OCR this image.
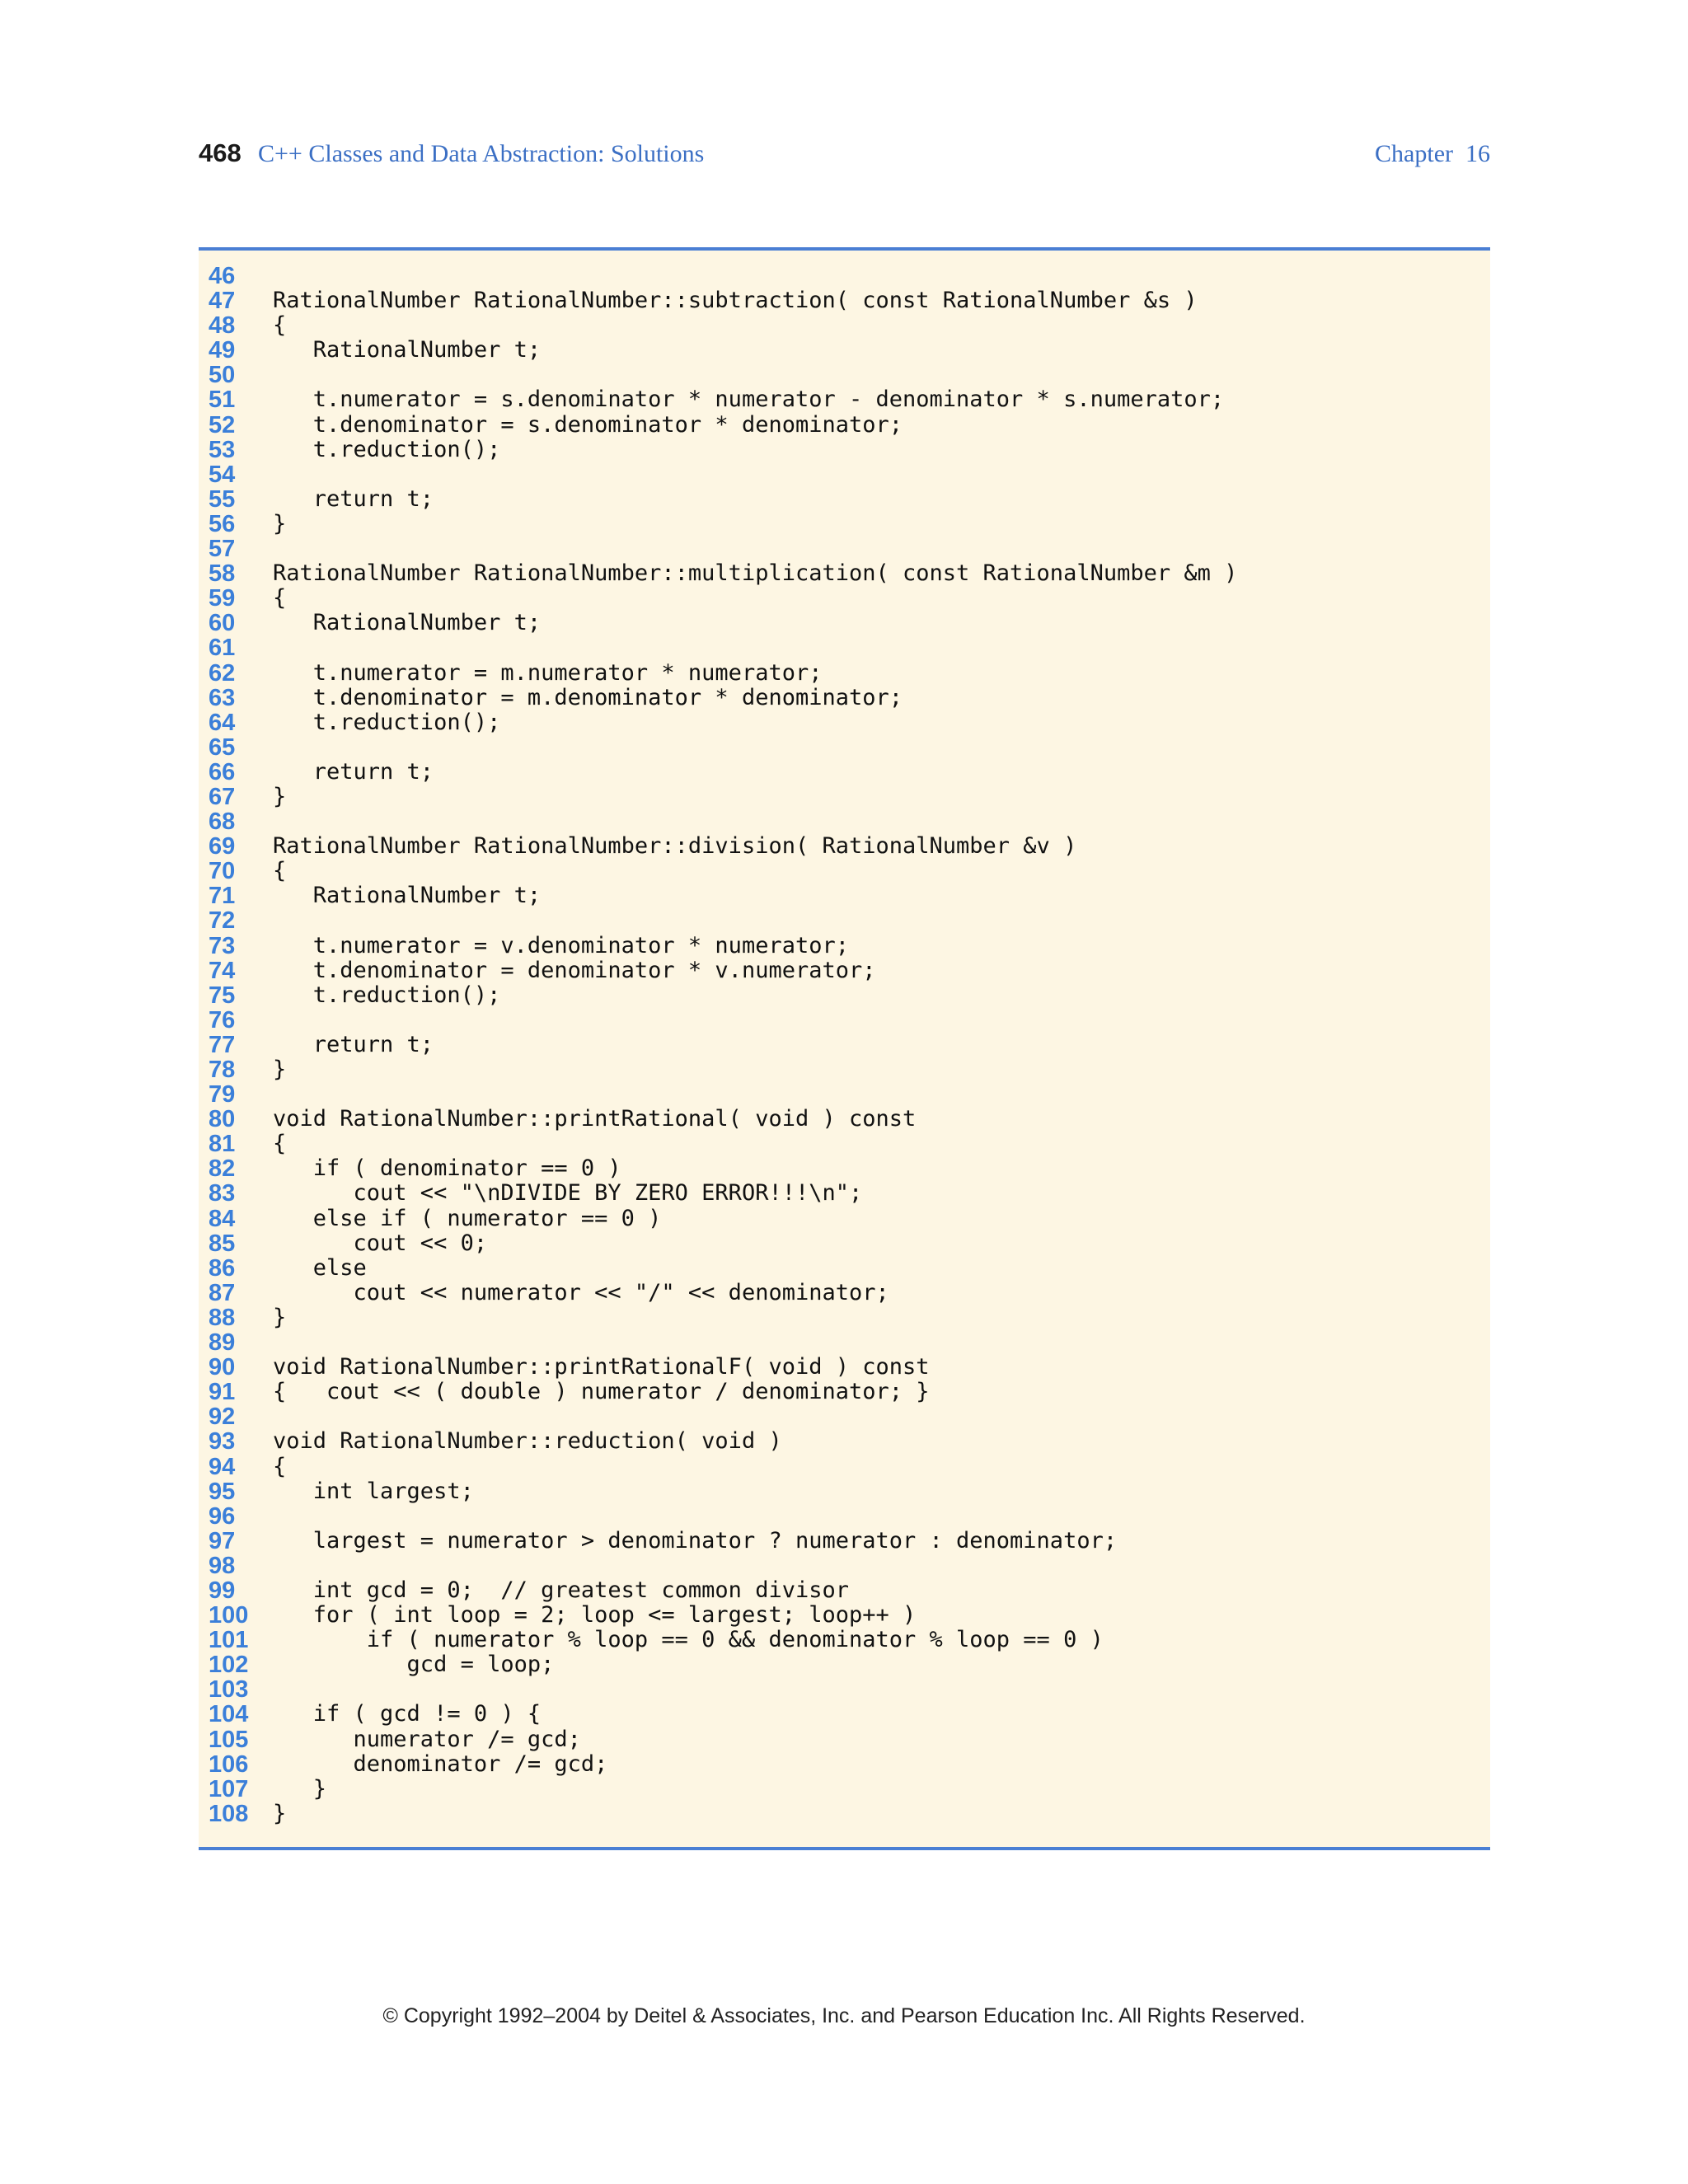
468 C++ Classes and Data Abstraction: Solutions	Chapter  16
46
47	RationalNumber RationalNumber::subtraction( const RationalNumber &s )
48	{
49	RationalNumber t;
50
51	t.numerator = s.denominator * numerator - denominator * s.numerator;
52	t.denominator = s.denominator * denominator;
53	t.reduction();
54
55	return t;
56	}
57
58	RationalNumber RationalNumber::multiplication( const RationalNumber &m )
59	{
60	RationalNumber t;
61
62	t.numerator = m.numerator * numerator;
63	t.denominator = m.denominator * denominator;
64	t.reduction();
65
66	return t;
67	}
68
69	RationalNumber RationalNumber::division( RationalNumber &v )
70	{
71	RationalNumber t;
72
73	t.numerator = v.denominator * numerator;
74	t.denominator = denominator * v.numerator;
75	t.reduction();
76
77	return t;
78	}
79
80	void RationalNumber::printRational( void ) const
81	{
82	if ( denominator == 0 )
83	cout << "\nDIVIDE BY ZERO ERROR!!!\n";
84	else if ( numerator == 0 )
85	cout << 0;
86	else
87	cout << numerator << "/" << denominator;
88	}
89
90	void RationalNumber::printRationalF( void ) const
91	{   cout << ( double ) numerator / denominator; }
92
93	void RationalNumber::reduction( void )
94	{
95	int largest;
96
97	largest = numerator > denominator ? numerator : denominator;
98
99	int gcd = 0;  // greatest common divisor
100	for ( int loop = 2; loop <= largest; loop++ )
101	if ( numerator % loop == 0 && denominator % loop == 0 )
102	gcd = loop;
103
104	if ( gcd != 0 ) {
105	numerator /= gcd;
106	denominator /= gcd;
107	}
108	}
© Copyright 1992–2004 by Deitel & Associates, Inc. and Pearson Education Inc. All Rights Reserved.
